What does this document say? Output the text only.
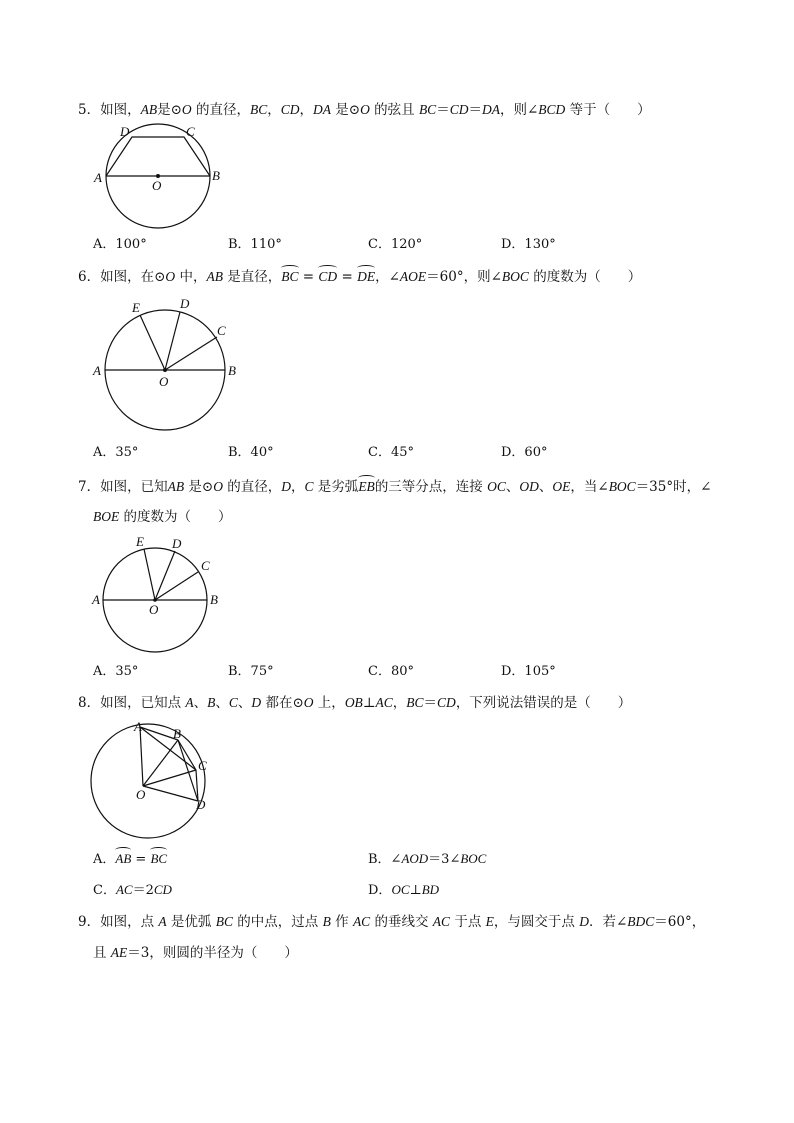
5．如图，AB是⊙O 的直径，BC，CD，DA 是⊙O 的弦且 BC＝CD＝DA，则∠BCD 等于（　　）
A	B
C
D
O
A．100°	B．110°	C．120°	D．130°
6．如图，在⊙O 中，AB 是直径，BC = CD = DE，∠AOE＝60°，则∠BOC 的度数为（　　）
A	B
C
D
E
O
A．35°	B．40°	C．45°	D．60°
7．如图，已知AB 是⊙O 的直径，D，C 是劣弧EB的三等分点，连接 OC、OD、OE，当∠BOC＝35°时，∠
BOE 的度数为（　　）
A	B
C
D
E
O
A．35°	B．75°	C．80°	D．105°
8．如图，已知点 A、B、C、D 都在⊙O 上，OB⊥AC，BC＝CD，下列说法错误的是（　　）
A B
C
D
O
A．AB = BC	B．∠AOD＝3∠BOC
C．AC＝2CD	D．OC⊥BD
9．如图，点 A 是优弧 BC 的中点，过点 B 作 AC 的垂线交 AC 于点 E，与圆交于点 D．若∠BDC＝60°，
且 AE＝3，则圆的半径为（　　）
